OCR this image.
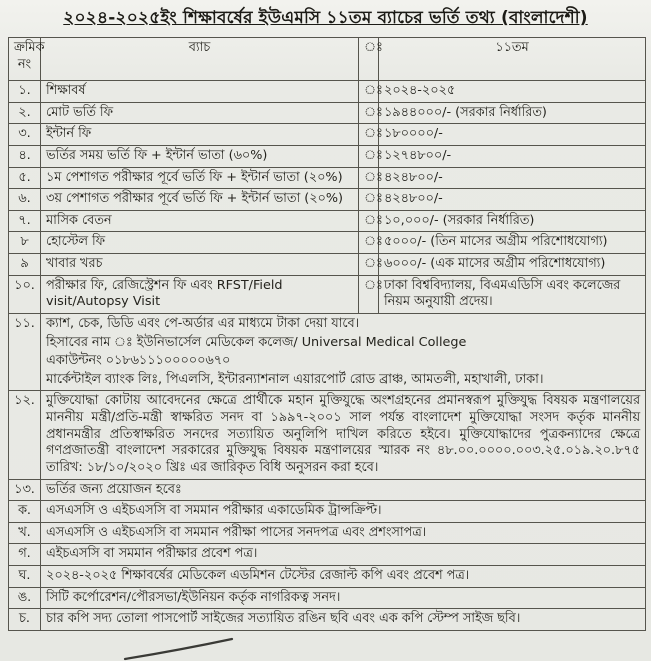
২০২৪-২০২৫ইং শিক্ষাবর্ষের ইউএমসি ১১তম ব্যাচের ভর্তি তথ্য (বাংলাদেশী)
ক্রমিক নং	ব্যাচ	ঃ	১১তম
১.	শিক্ষাবর্ষ	ঃ	২০২৪-২০২৫
২.	মোট ভর্তি ফি	ঃ	১৯৪৪০০০/- (সরকার নির্ধারিত)
৩.	ইন্টার্ন ফি	ঃ	১৮০০০০/-
৪.	ভর্তির সময় ভর্তি ফি + ইন্টার্ন ভাতা (৬০%)	ঃ	১২৭৪৮০০/-
৫.	১ম পেশাগত পরীক্ষার পূর্বে ভর্তি ফি + ইন্টার্ন ভাতা (২০%)	ঃ	৪২৪৮০০/-
৬.	৩য় পেশাগত পরীক্ষার পূর্বে ভর্তি ফি + ইন্টার্ন ভাতা (২০%)	ঃ	৪২৪৮০০/-
৭.	মাসিক বেতন	ঃ	১০,০০০/- (সরকার নির্ধারিত)
৮	হোস্টেল ফি	ঃ	৫০০০/- (তিন মাসের অগ্রীম পরিশোধযোগ্য)
৯	খাবার খরচ	ঃ	৬০০০/- (এক মাসের অগ্রীম পরিশোধযোগ্য)
১০.	পরীক্ষার ফি, রেজিস্ট্রেশন ফি এবং RFST/Field visit/Autopsy Visit	ঃ	ঢাকা বিশ্ববিদ্যালয়, বিএমএডিসি এবং কলেজের নিয়ম অনুযায়ী প্রদেয়।
১১.	ক্যাশ, চেক, ডিডি এবং পে-অর্ডার এর মাধ্যমে টাকা দেয়া যাবে।
হিসাবের নাম ঃ ইউনিভার্সেল মেডিকেল কলেজ/ Universal Medical College
একাউন্টনং ০১৮৬১১১০০০০০৬৭০
মার্কেন্টাইল ব্যাংক লিঃ, পিএলসি, ইন্টারন্যাশনাল এয়ারপোর্ট রোড ব্রাঞ্চ, আমতলী, মহাখালী, ঢাকা।		

১২.	মুক্তিযোদ্ধা কোটায় আবেদনের ক্ষেত্রে প্রার্থীকে মহান মুক্তিযুদ্ধে অংশগ্রহনের প্রমানস্বরূপ মুক্তিযুদ্ধ বিষয়ক মন্ত্রণালয়ের মাননীয় মন্ত্রী/প্রতি-মন্ত্রী স্বাক্ষরিত সনদ বা ১৯৯৭-২০০১ সাল পর্যন্ত বাংলাদেশ মুক্তিযোদ্ধা সংসদ কর্তৃক মাননীয় প্রধানমন্ত্রীর প্রতিস্বাক্ষরিত সনদের সত্যায়িত অনুলিপি দাখিল করিতে হইবে। মুক্তিযোদ্ধাদের পুত্রকন্যাদের ক্ষেত্রে গণপ্রজাতন্ত্রী বাংলাদেশ সরকারের মুক্তিযুদ্ধ বিষয়ক মন্ত্রণালয়ের স্মারক নং ৪৮.০০.০০০০.০০৩.২৫.০১৯.২০.৮৭৫ তারিখ: ১৮/১০/২০২০ খ্রিঃ এর জারিকৃত বিধি অনুসরন করা হবে।		

১৩.	ভর্তির জন্য প্রয়োজন হবেঃ		

ক.	এসএসসি ও এইচএসসি বা সমমান পরীক্ষার একাডেমিক ট্রান্সক্রিপ্ট।		

খ.	এসএসসি ও এইচএসসি বা সমমান পরীক্ষা পাসের সনদপত্র এবং প্রশংসাপত্র।		

গ.	এইচএসসি বা সমমান পরীক্ষার প্রবেশ পত্র।		

ঘ.	২০২৪-২০২৫ শিক্ষাবর্ষের মেডিকেল এডমিশন টেস্টের রেজাল্ট কপি এবং প্রবেশ পত্র।		

ঙ.	সিটি কর্পোরেশন/পৌরসভা/ইউনিয়ন কর্তৃক নাগরিকত্ব সনদ।		

চ.	চার কপি সদ্য তোলা পাসপোর্ট সাইজের সত্যায়িত রঙিন ছবি এবং এক কপি স্টেম্প সাইজ ছবি।		
